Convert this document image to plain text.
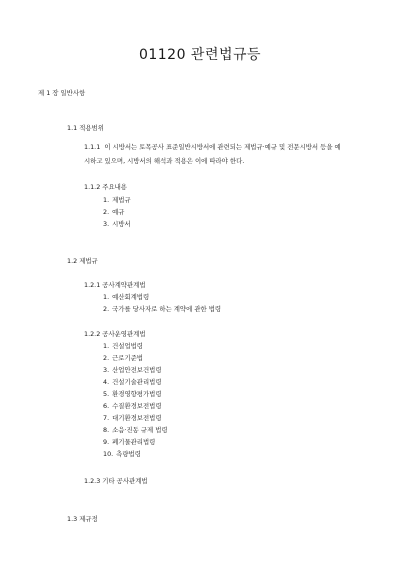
01120 관련법규등
제 1 장 일반사항
1.1 적용범위
1.1.1 이 시방서는 토목공사 표준일반시방서에 관련되는 제법규·예규 및 전문시방서 등을 예시하고 있으며, 시방서의 해석과 적용은 이에 따라야 한다.
1.1.2 주요내용
1. 제법규
2. 예규
3. 시방서
1.2 제법규
1.2.1 공사계약관계법
1. 예산회계법령
2. 국가를 당사자로 하는 계약에 관한 법령
1.2.2 공사운영관계법
1. 건설업법령
2. 근로기준법
3. 산업안전보건법령
4. 건설기술관리법령
5. 환경영향평가법령
6. 수질환경보전법령
7. 대기환경보전법령
8. 소음·진동 규제 법령
9. 폐기물관리법령
10. 측량법령
1.2.3 기타 공사관계법
1.3 제규정
